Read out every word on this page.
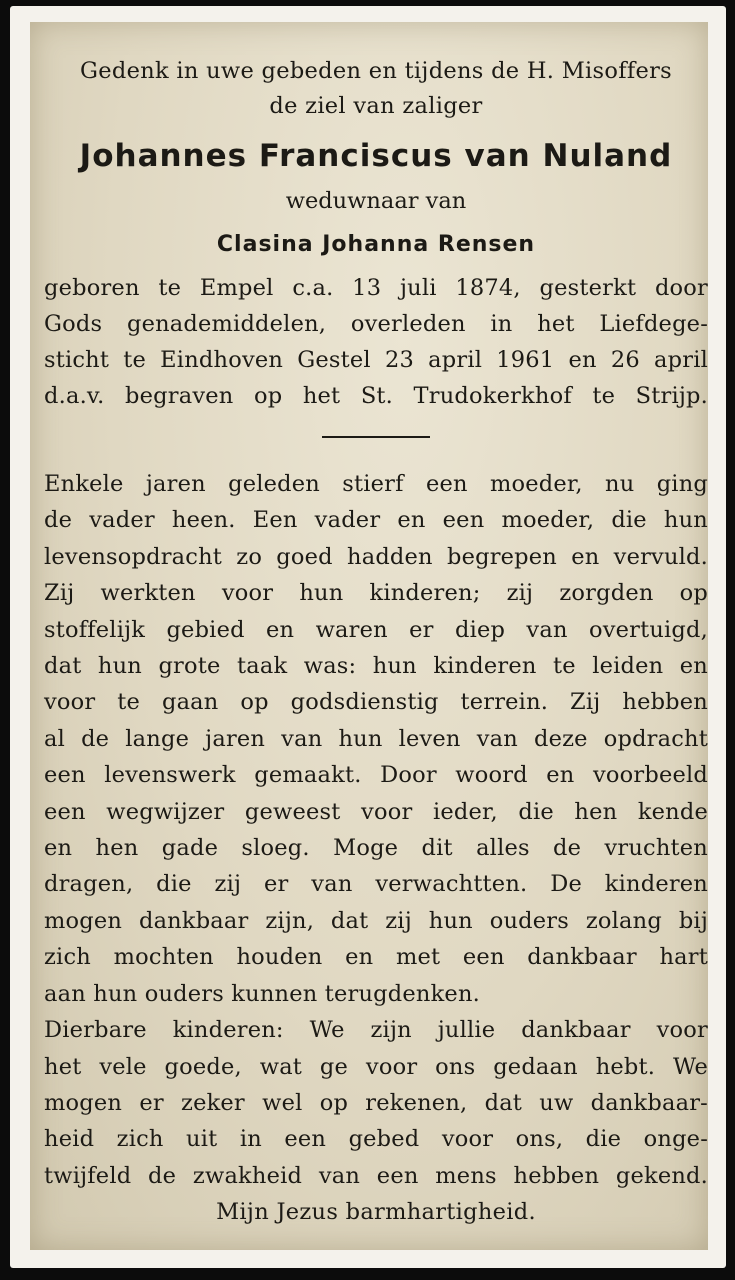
Gedenk in uwe gebeden en tijdens de H. Misoffers
de ziel van zaliger
Johannes Franciscus van Nuland
weduwnaar van
Clasina Johanna Rensen
geboren te Empel c.a. 13 juli 1874, gesterkt door
Gods genademiddelen, overleden in het Liefdege-
sticht te Eindhoven Gestel 23 april 1961 en 26 april
d.a.v. begraven op het St. Trudokerkhof te Strijp.
Enkele jaren geleden stierf een moeder, nu ging
de vader heen. Een vader en een moeder, die hun
levensopdracht zo goed hadden begrepen en vervuld.
Zij werkten voor hun kinderen; zij zorgden op
stoffelijk gebied en waren er diep van overtuigd,
dat hun grote taak was: hun kinderen te leiden en
voor te gaan op godsdienstig terrein. Zij hebben
al de lange jaren van hun leven van deze opdracht
een levenswerk gemaakt. Door woord en voorbeeld
een wegwijzer geweest voor ieder, die hen kende
en hen gade sloeg. Moge dit alles de vruchten
dragen, die zij er van verwachtten. De kinderen
mogen dankbaar zijn, dat zij hun ouders zolang bij
zich mochten houden en met een dankbaar hart
aan hun ouders kunnen terugdenken.
Dierbare kinderen: We zijn jullie dankbaar voor
het vele goede, wat ge voor ons gedaan hebt. We
mogen er zeker wel op rekenen, dat uw dankbaar-
heid zich uit in een gebed voor ons, die onge-
twijfeld de zwakheid van een mens hebben gekend.
Mijn Jezus barmhartigheid.
